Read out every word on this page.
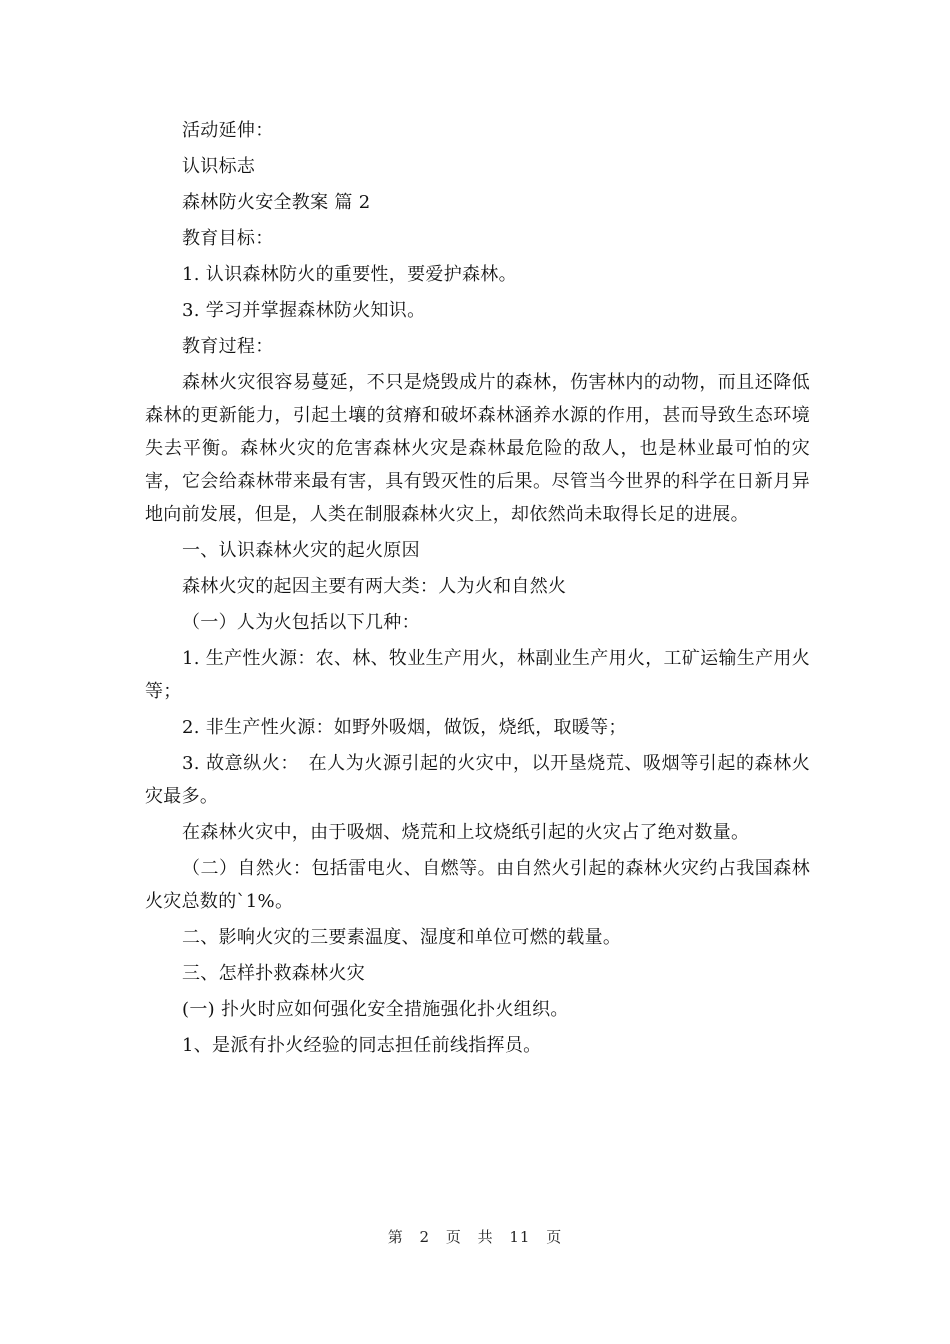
活动延伸：

认识标志

森林防火安全教案 篇 2

教育目标：

1. 认识森林防火的重要性，要爱护森林。

3. 学习并掌握森林防火知识。

教育过程：

森林火灾很容易蔓延，不只是烧毁成片的森林，伤害林内的动物，而且还降低森林的更新能力，引起土壤的贫瘠和破坏森林涵养水源的作用，甚而导致生态环境失去平衡。森林火灾的危害森林火灾是森林最危险的敌人，也是林业最可怕的灾害，它会给森林带来最有害，具有毁灭性的后果。尽管当今世界的科学在日新月异地向前发展，但是，人类在制服森林火灾上，却依然尚未取得长足的进展。

一、认识森林火灾的起火原因

森林火灾的起因主要有两大类：人为火和自然火

（一）人为火包括以下几种：

1. 生产性火源：农、林、牧业生产用火，林副业生产用火，工矿运输生产用火等；

2. 非生产性火源：如野外吸烟，做饭，烧纸，取暖等；

3. 故意纵火：　在人为火源引起的火灾中，以开垦烧荒、吸烟等引起的森林火灾最多。

在森林火灾中，由于吸烟、烧荒和上坟烧纸引起的火灾占了绝对数量。

（二）自然火：包括雷电火、自燃等。由自然火引起的森林火灾约占我国森林火灾总数的`1%。

二、影响火灾的三要素温度、湿度和单位可燃的载量。

三、怎样扑救森林火灾

(一) 扑火时应如何强化安全措施强化扑火组织。

1、是派有扑火经验的同志担任前线指挥员。

第 2 页 共 11 页
